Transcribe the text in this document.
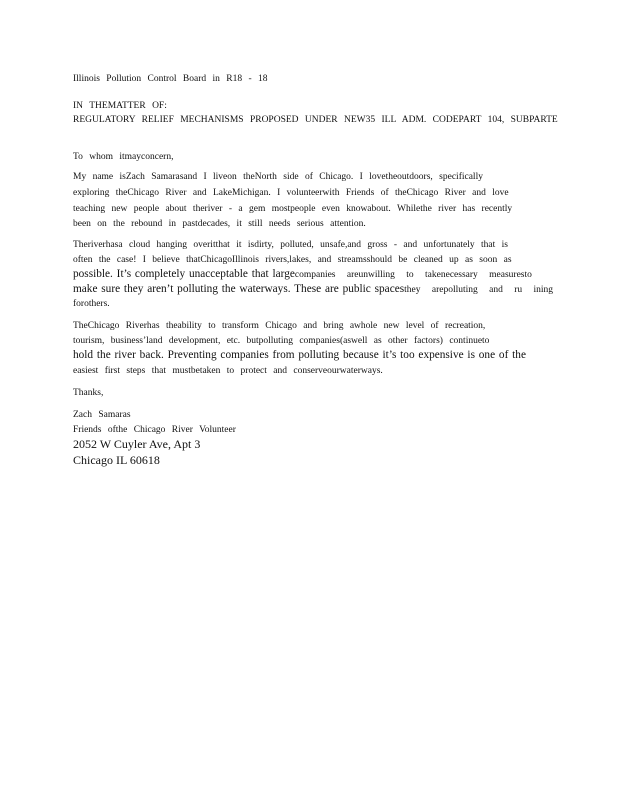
Illinois Pollution Control Board in R18 - 18
IN THEMATTER OF:
REGULATORY RELIEF MECHANISMS PROPOSED UNDER NEW35 ILL ADM. CODEPART 104, SUBPARTE
To whom itmayconcern,
My name isZach Samarasand I liveon theNorth side of Chicago. I lovetheoutdoors, specifically
exploring theChicago River and LakeMichigan. I volunteerwith Friends of theChicago River and love
teaching new people about theriver - a gem mostpeople even knowabout. Whilethe river has recently
been on the rebound in pastdecades, it still needs serious attention.
Theriverhasa cloud hanging overitthat it isdirty, polluted, unsafe,and gross - and unfortunately that is
often the case! I believe thatChicagoIllinois rivers,lakes, and streamsshould be cleaned up as soon as
possible. It’s completely unacceptable that largecompanies areunwilling to takenecessary measuresto
make sure they aren’t polluting the waterways. These are public spacesthey arepolluting and ru ining
forothers.
TheChicago Riverhas theability to transform Chicago and bring awhole new level of recreation,
tourism, business’land development, etc. butpolluting companies(aswell as other factors) continueto
hold the river back. Preventing companies from polluting because it’s too expensive is one of the
easiest first steps that mustbetaken to protect and conserveourwaterways.
Thanks,
Zach Samaras
Friends ofthe Chicago River Volunteer
2052 W Cuyler Ave, Apt 3
Chicago IL 60618
